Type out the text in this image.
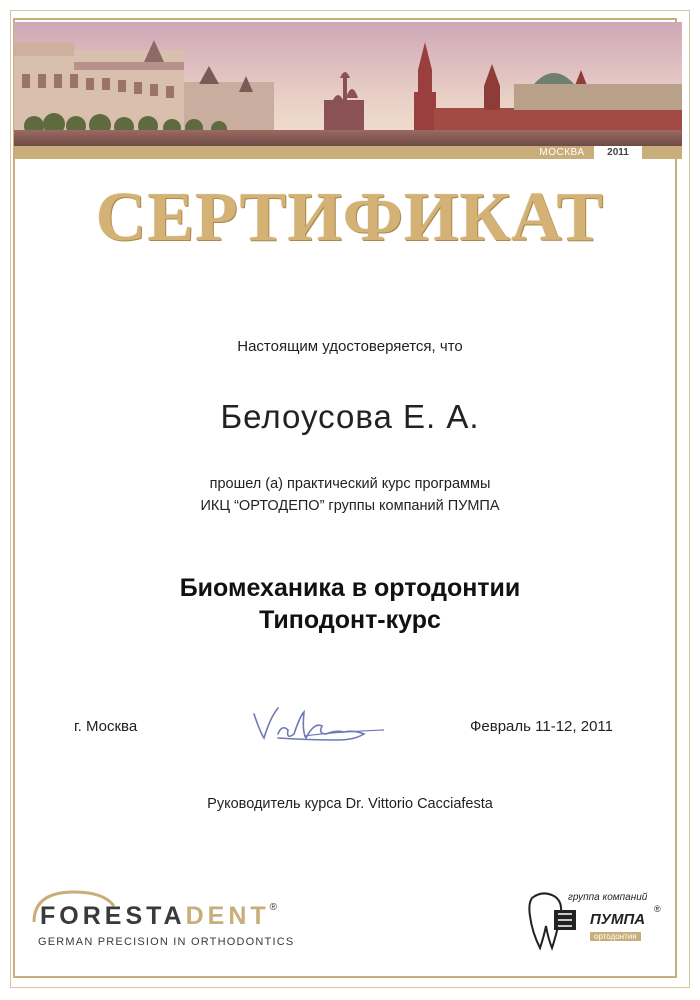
МОСКВА	2011
СЕРТИФИКАТ
Настоящим удостоверяется, что
Белоусова Е. А.
прошел (а) практический курс программы
ИКЦ “ОРТОДЕПО” группы компаний ПУМПА
Биомеханика в ортодонтии
Типодонт-курс
г. Москва	Февраль 11-12, 2011
Руководитель курса Dr. Vittorio Cacciafesta
FORESTADENT®
GERMAN PRECISION IN ORTHODONTICS
группа компаний
ПУМПА
ортодонтия
®
